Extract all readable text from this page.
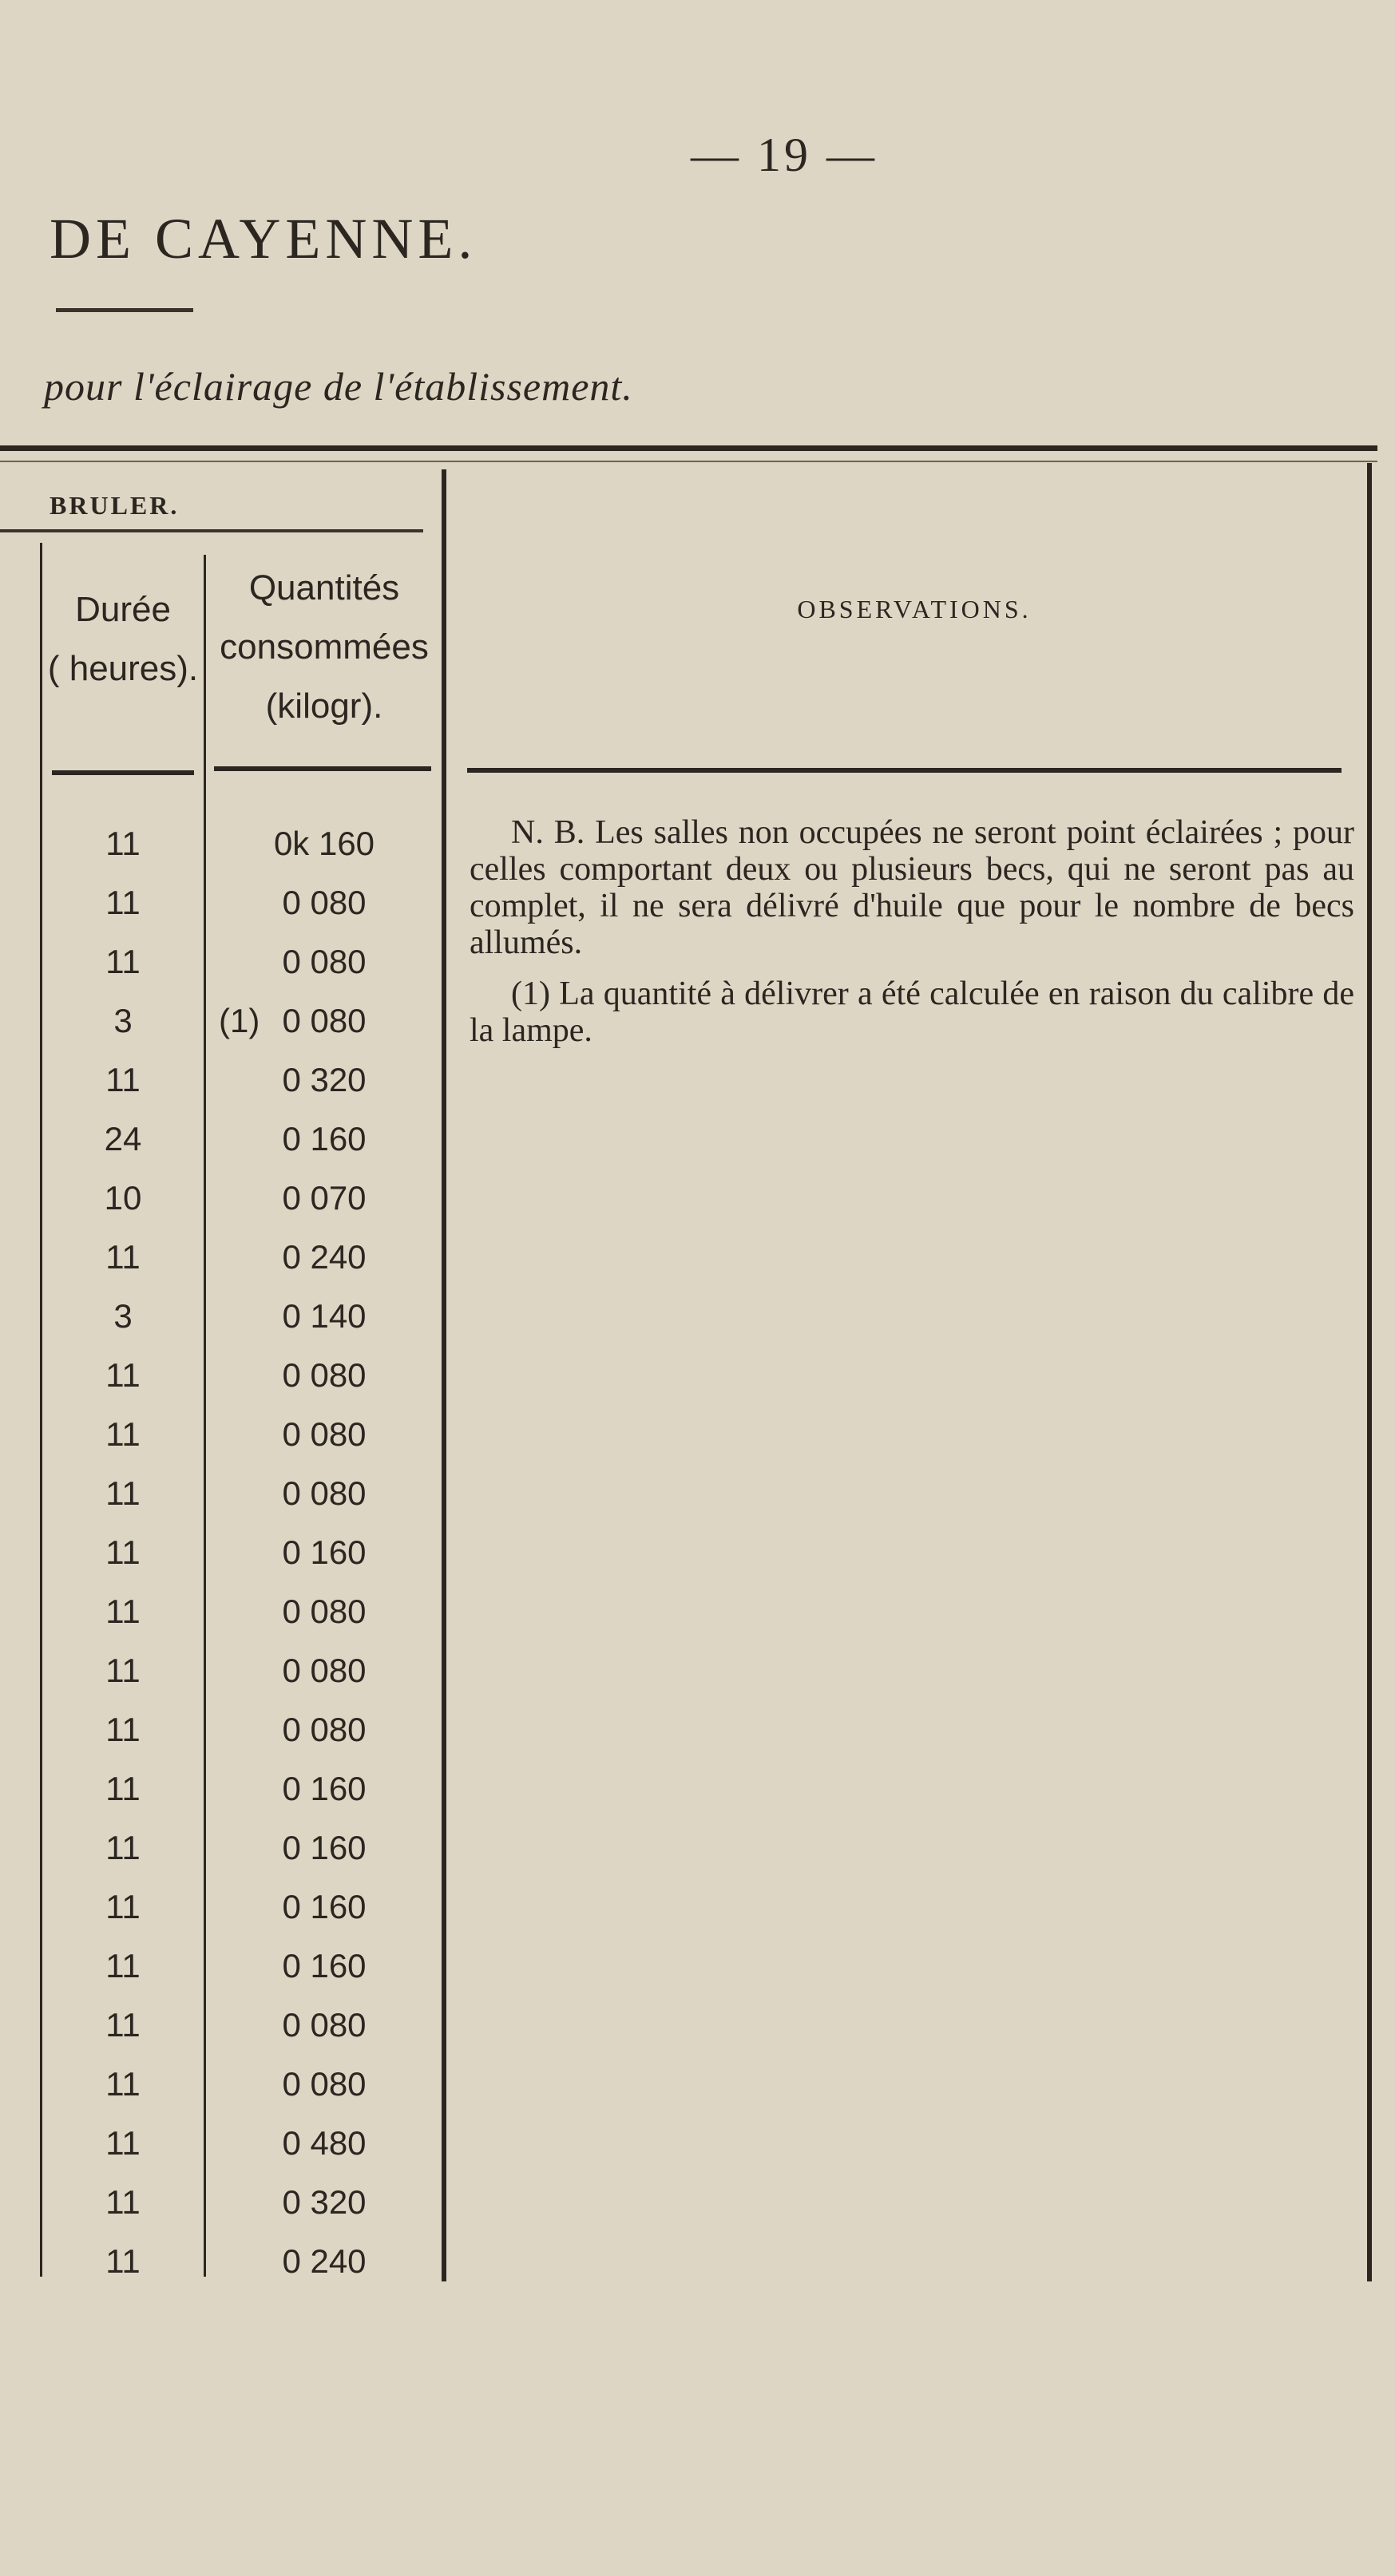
— 19 —
DE CAYENNE.
pour l'éclairage de l'établissement.
BRULER.
Durée
( heures).
Quantités
consommées
(kilogr).
OBSERVATIONS.
11
11
11
3
11
24
10
11
3
11
11
11
11
11
11
11
11
11
11
11
11
11
11
11
11
0k 160
0 080
0 080
(1) 0 080
0 320
0 160
0 070
0 240
0 140
0 080
0 080
0 080
0 160
0 080
0 080
0 080
0 160
0 160
0 160
0 160
0 080
0 080
0 480
0 320
0 240

N. B. Les salles non occupées ne seront point éclairées ; pour celles comportant deux ou plusieurs becs, qui ne seront pas au complet, il ne sera délivré d'huile que pour le nombre de becs allumés.

(1) La quantité à délivrer a été calculée en raison du calibre de la lampe.
